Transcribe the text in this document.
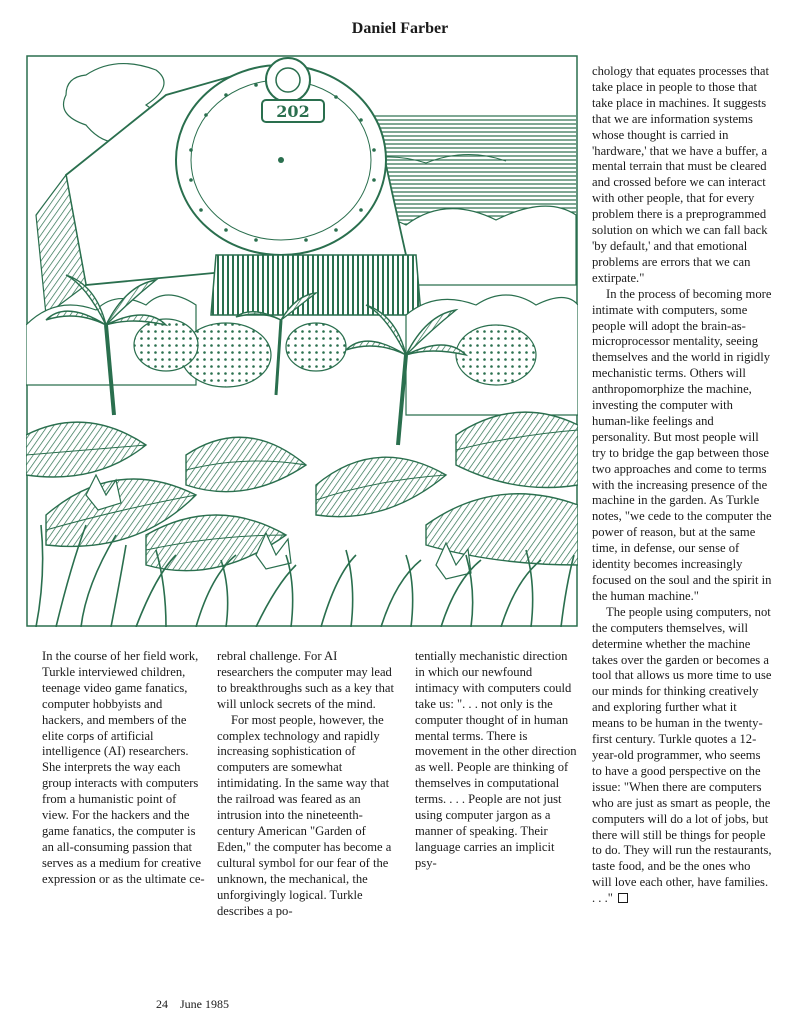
Daniel Farber
202

In the course of her field work, Turkle interviewed children, teenage video game fanatics, computer hobbyists and hackers, and members of the elite corps of artificial intelligence (AI) researchers. She interprets the way each group interacts with computers from a humanistic point of view. For the hackers and the game fanatics, the computer is an all-consuming passion that serves as a medium for creative expression or as the ultimate ce-

rebral challenge. For AI researchers the computer may lead to breakthroughs such as a key that will unlock secrets of the mind.

For most people, however, the complex technology and rapidly increasing sophistication of computers are somewhat intimidating. In the same way that the railroad was feared as an intrusion into the nineteenth-century American "Garden of Eden," the computer has become a cultural symbol for our fear of the unknown, the mechanical, the unforgivingly logical. Turkle describes a po-

tentially mechanistic direction in which our newfound intimacy with computers could take us: ". . . not only is the computer thought of in human mental terms. There is movement in the other direction as well. People are thinking of themselves in computational terms. . . . People are not just using computer jargon as a manner of speaking. Their language carries an implicit psy-

chology that equates processes that take place in people to those that take place in machines. It suggests that we are information systems whose thought is carried in 'hardware,' that we have a buffer, a mental terrain that must be cleared and crossed before we can interact with other people, that for every problem there is a preprogrammed solution on which we can fall back 'by default,' and that emotional problems are errors that we can extirpate."

In the process of becoming more intimate with computers, some people will adopt the brain-as-microprocessor mentality, seeing themselves and the world in rigidly mechanistic terms. Others will anthropomorphize the machine, investing the computer with human-like feelings and personality. But most people will try to bridge the gap between those two approaches and come to terms with the increasing presence of the machine in the garden. As Turkle notes, "we cede to the computer the power of reason, but at the same time, in defense, our sense of identity becomes increasingly focused on the soul and the spirit in the human machine."

The people using computers, not the computers themselves, will determine whether the machine takes over the garden or becomes a tool that allows us more time to use our minds for thinking creatively and exploring further what it means to be human in the twenty-first century. Turkle quotes a 12-year-old programmer, who seems to have a good perspective on the issue: "When there are computers who are just as smart as people, the computers will do a lot of jobs, but there will still be things for people to do. They will run the restaurants, taste food, and be the ones who will love each other, have families. . . ."

24 June 1985
